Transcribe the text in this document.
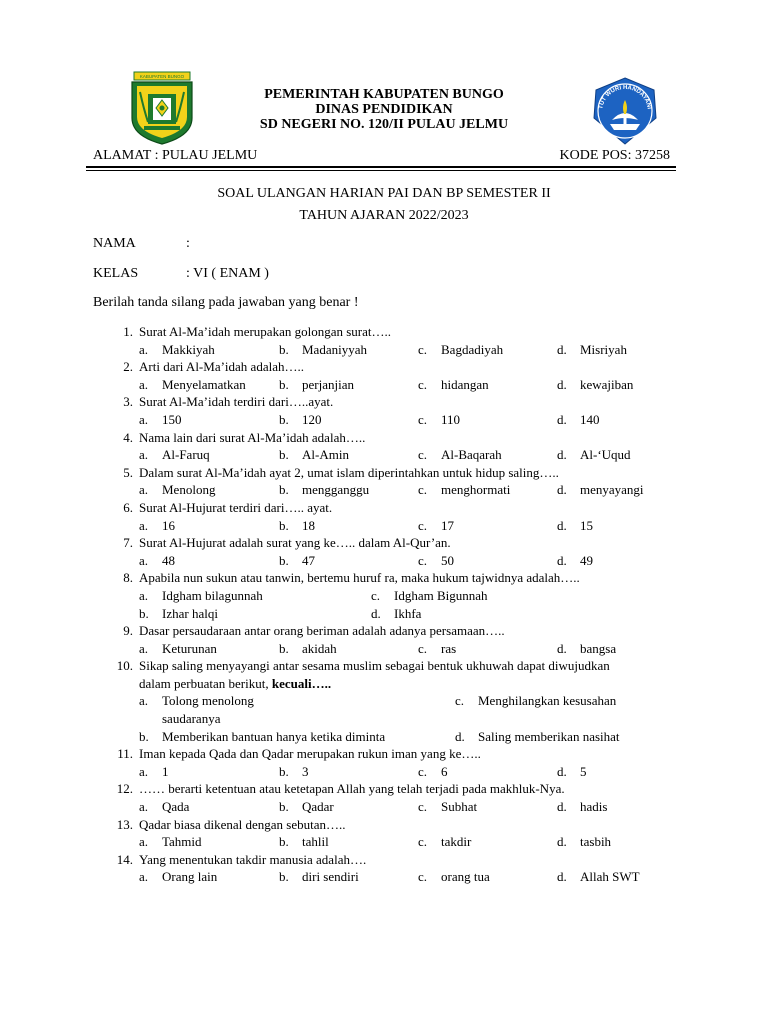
KABUPATEN BUNGO
TUT WURI HANDAYANI
PEMERINTAH KABUPATEN BUNGO
DINAS PENDIDIKAN
SD NEGERI NO. 120/II PULAU JELMU
ALAMAT : PULAU JELMU	KODE POS: 37258
SOAL ULANGAN HARIAN PAI DAN BP SEMESTER II
TAHUN AJARAN 2022/2023
NAMA	:
KELAS	: VI ( ENAM )
Berilah tanda silang pada jawaban yang benar !
1. Surat Al-Ma’idah merupakan golongan surat…..
a. Makkiyah	b. Madaniyyah	c. Bagdadiyah	d. Misriyah
2. Arti dari Al-Ma’idah adalah…..
a. Menyelamatkan	b. perjanjian	c. hidangan	d. kewajiban
3. Surat Al-Ma’idah terdiri dari…..ayat.
a. 150	b. 120	c. 110	d. 140
4. Nama lain dari surat Al-Ma’idah adalah…..
a. Al-Faruq	b. Al-Amin	c. Al-Baqarah	d. Al-‘Uqud
5. Dalam surat Al-Ma’idah ayat 2, umat islam diperintahkan untuk hidup saling…..
a. Menolong	b. mengganggu	c. menghormati	d. menyayangi
6. Surat Al-Hujurat terdiri dari….. ayat.
a. 16	b. 18	c. 17	d. 15
7. Surat Al-Hujurat adalah surat yang ke….. dalam Al-Qur’an.
a. 48	b. 47	c. 50	d. 49
8. Apabila nun sukun atau tanwin, bertemu huruf ra, maka hukum tajwidnya adalah…..
a. Idgham bilagunnah	c. Idgham Bigunnah
b. Izhar halqi	d. Ikhfa
9. Dasar persaudaraan antar orang beriman adalah adanya persamaan…..
a. Keturunan	b. akidah	c. ras	d. bangsa
10. Sikap saling menyayangi antar sesama muslim sebagai bentuk ukhuwah dapat diwujudkan
dalam perbuatan berikut, kecuali…..
a. Tolong menolong	c. Menghilangkan kesusahan
saudaranya
b. Memberikan bantuan hanya ketika diminta	d. Saling memberikan nasihat
11. Iman kepada Qada dan Qadar merupakan rukun iman yang ke…..
a. 1	b. 3	c. 6	d. 5
12. …… berarti ketentuan atau ketetapan Allah yang telah terjadi pada makhluk-Nya.
a. Qada	b. Qadar	c. Subhat	d. hadis
13. Qadar biasa dikenal dengan sebutan…..
a. Tahmid	b. tahlil	c. takdir	d. tasbih
14. Yang menentukan takdir manusia adalah….
a. Orang lain	b. diri sendiri	c. orang tua	d. Allah SWT
